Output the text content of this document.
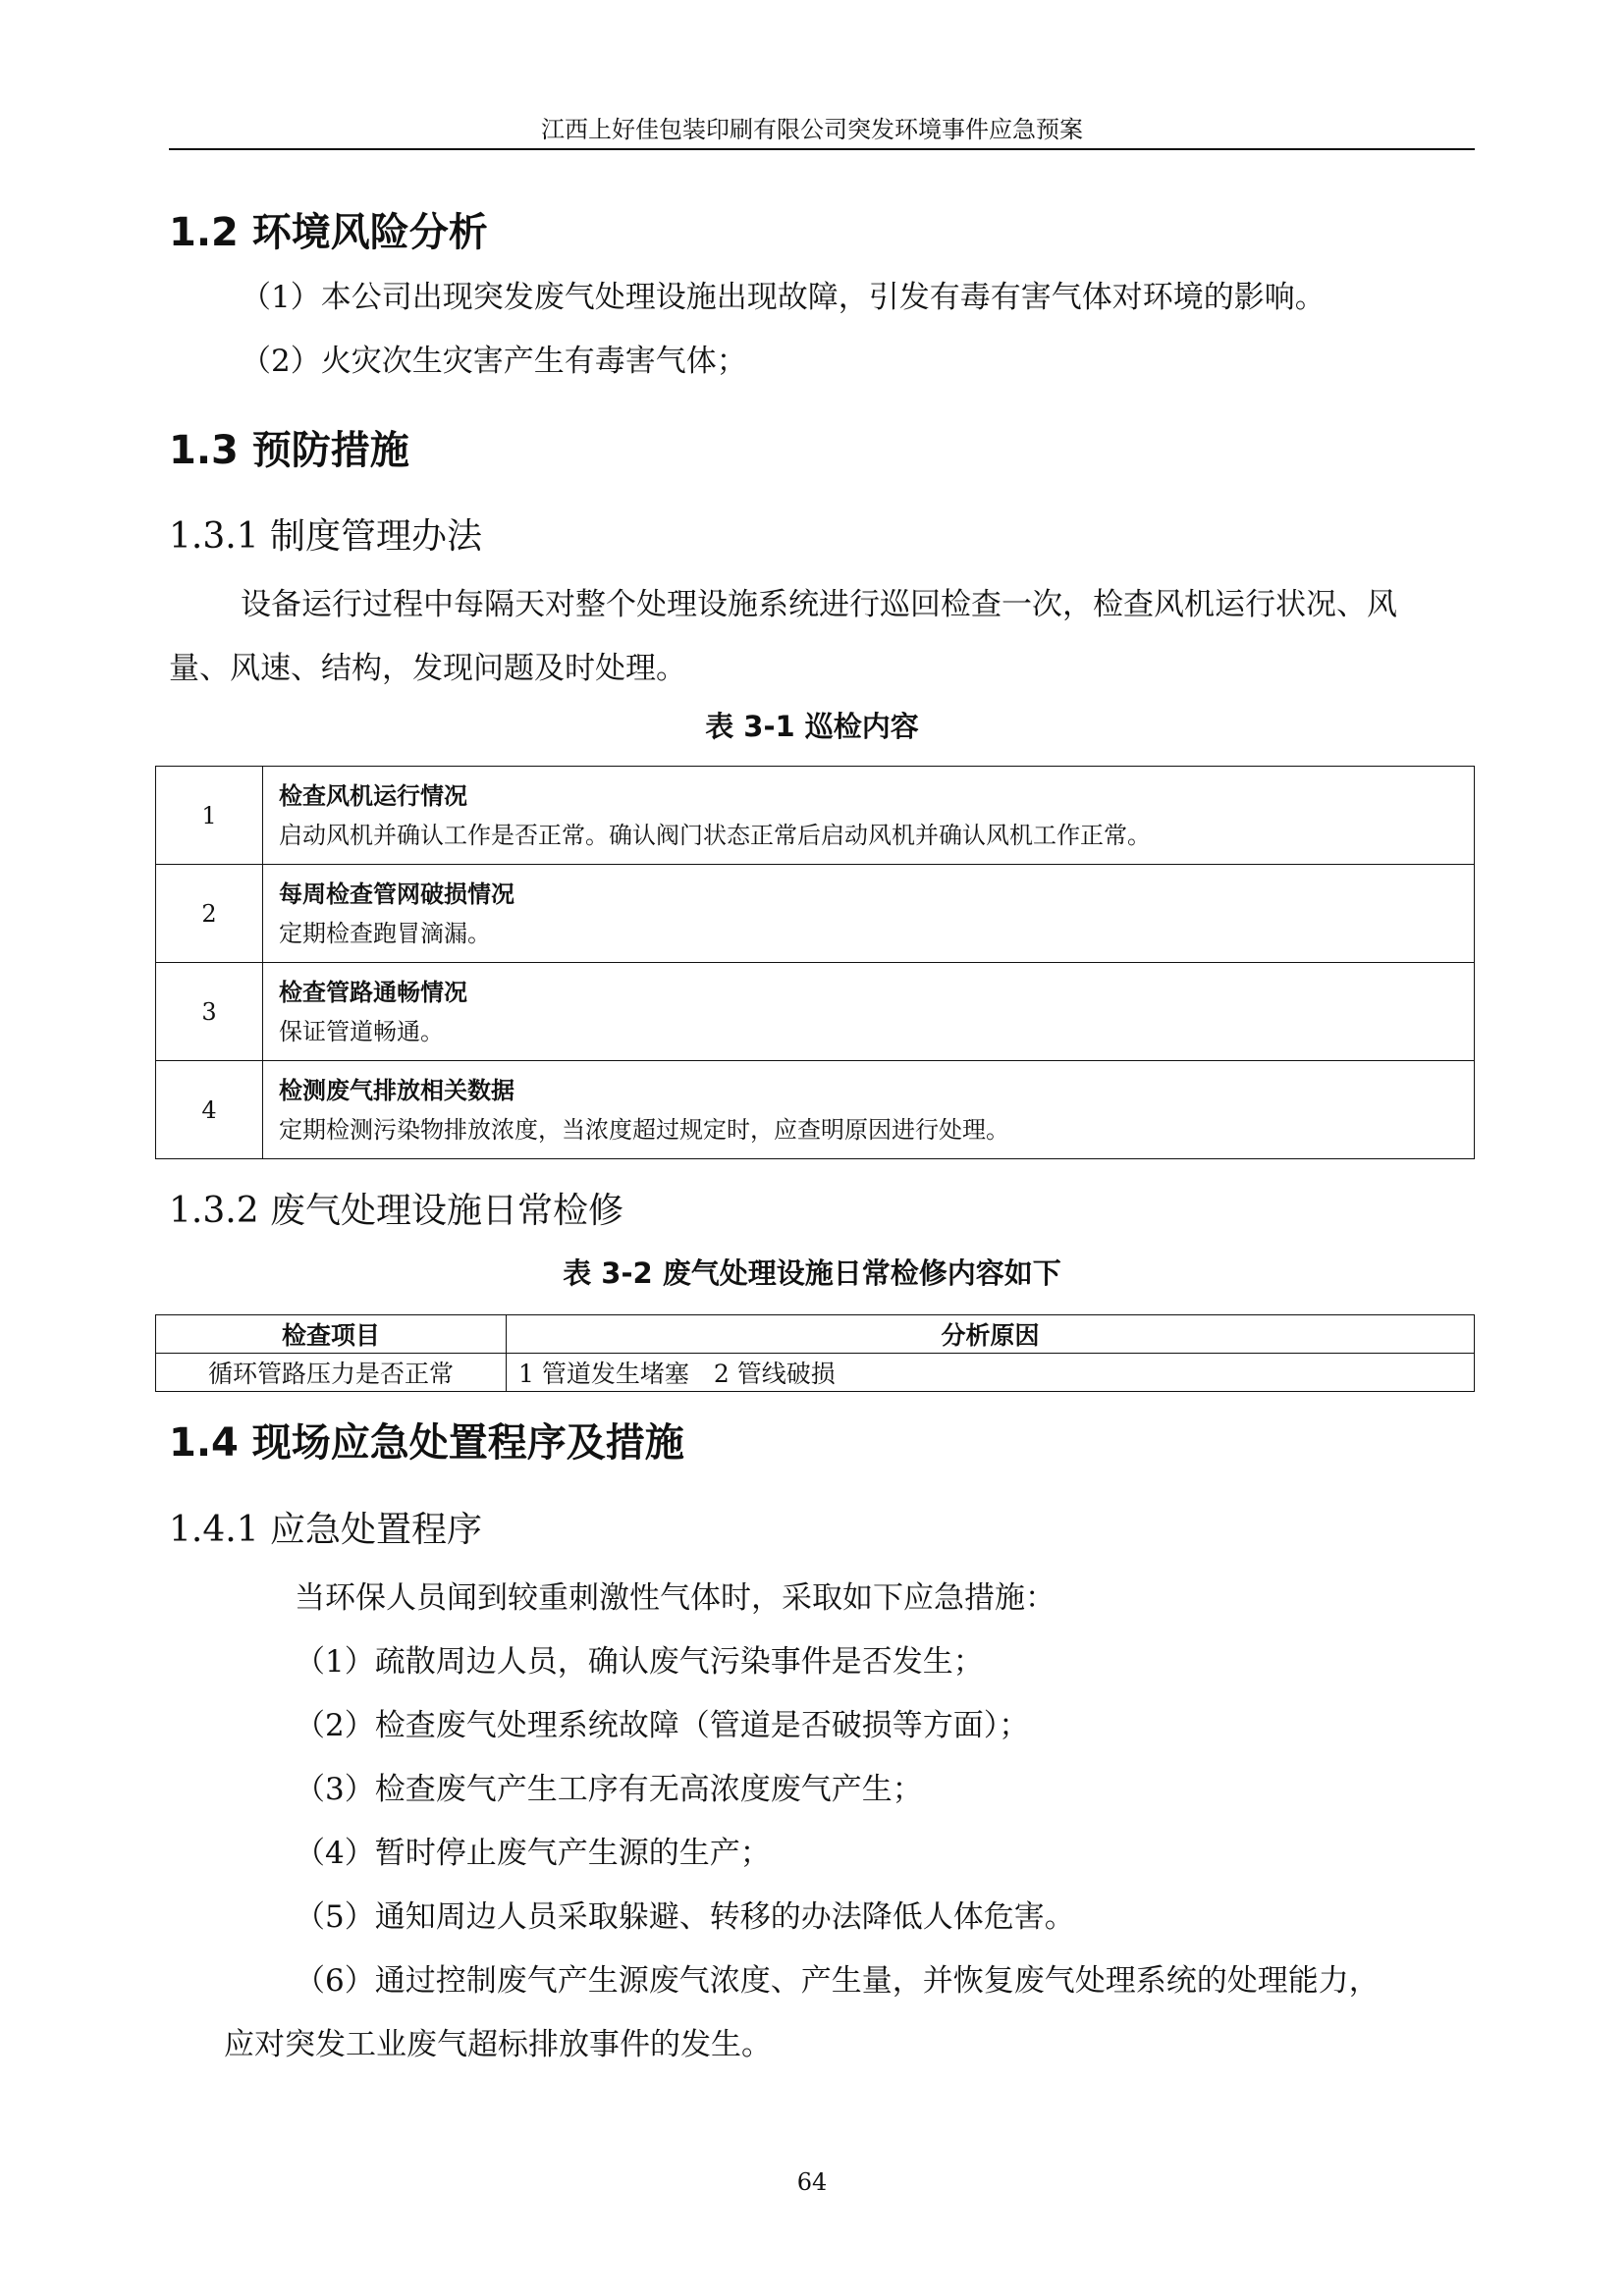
江西上好佳包装印刷有限公司突发环境事件应急预案
1.2 环境风险分析
（1）本公司出现突发废气处理设施出现故障，引发有毒有害气体对环境的影响。
（2）火灾次生灾害产生有毒害气体；
1.3 预防措施
1.3.1 制度管理办法
设备运行过程中每隔天对整个处理设施系统进行巡回检查一次，检查风机运行状况、风
量、风速、结构，发现问题及时处理。
表 3-1 巡检内容
1	检查风机运行情况
启动风机并确认工作是否正常。确认阀门状态正常后启动风机并确认风机工作正常。

2	每周检查管网破损情况
定期检查跑冒滴漏。

3	检查管路通畅情况
保证管道畅通。

4	检测废气排放相关数据
定期检测污染物排放浓度，当浓度超过规定时，应查明原因进行处理。
1.3.2 废气处理设施日常检修
表 3-2 废气处理设施日常检修内容如下
检查项目	分析原因
循环管路压力是否正常	1 管道发生堵塞　2 管线破损
1.4 现场应急处置程序及措施
1.4.1 应急处置程序
当环保人员闻到较重刺激性气体时，采取如下应急措施：
（1）疏散周边人员，确认废气污染事件是否发生；
（2）检查废气处理系统故障（管道是否破损等方面）；
（3）检查废气产生工序有无高浓度废气产生；
（4）暂时停止废气产生源的生产；
（5）通知周边人员采取躲避、转移的办法降低人体危害。
（6）通过控制废气产生源废气浓度、产生量，并恢复废气处理系统的处理能力，
应对突发工业废气超标排放事件的发生。
64
